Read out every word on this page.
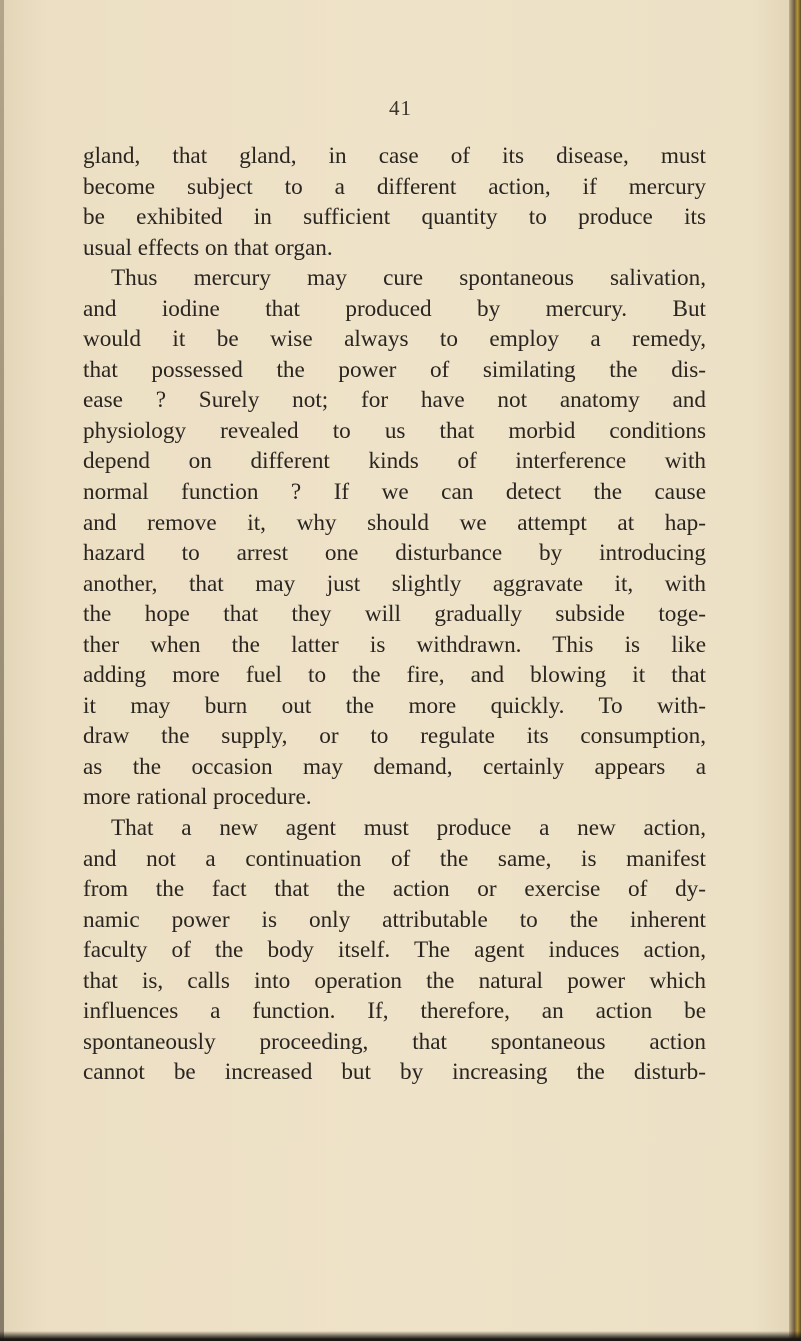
41
gland, that gland, in case of its disease, must
become subject to a different action, if mercury
be exhibited in sufficient quantity to produce its
usual effects on that organ.
Thus mercury may cure spontaneous salivation,
and iodine that produced by mercury. But
would it be wise always to employ a remedy,
that possessed the power of similating the dis-
ease ? Surely not; for have not anatomy and
physiology revealed to us that morbid conditions
depend on different kinds of interference with
normal function ? If we can detect the cause
and remove it, why should we attempt at hap-
hazard to arrest one disturbance by introducing
another, that may just slightly aggravate it, with
the hope that they will gradually subside toge-
ther when the latter is withdrawn. This is like
adding more fuel to the fire, and blowing it that
it may burn out the more quickly. To with-
draw the supply, or to regulate its consumption,
as the occasion may demand, certainly appears a
more rational procedure.
That a new agent must produce a new action,
and not a continuation of the same, is manifest
from the fact that the action or exercise of dy-
namic power is only attributable to the inherent
faculty of the body itself. The agent induces action,
that is, calls into operation the natural power which
influences a function. If, therefore, an action be
spontaneously proceeding, that spontaneous action
cannot be increased but by increasing the disturb-
